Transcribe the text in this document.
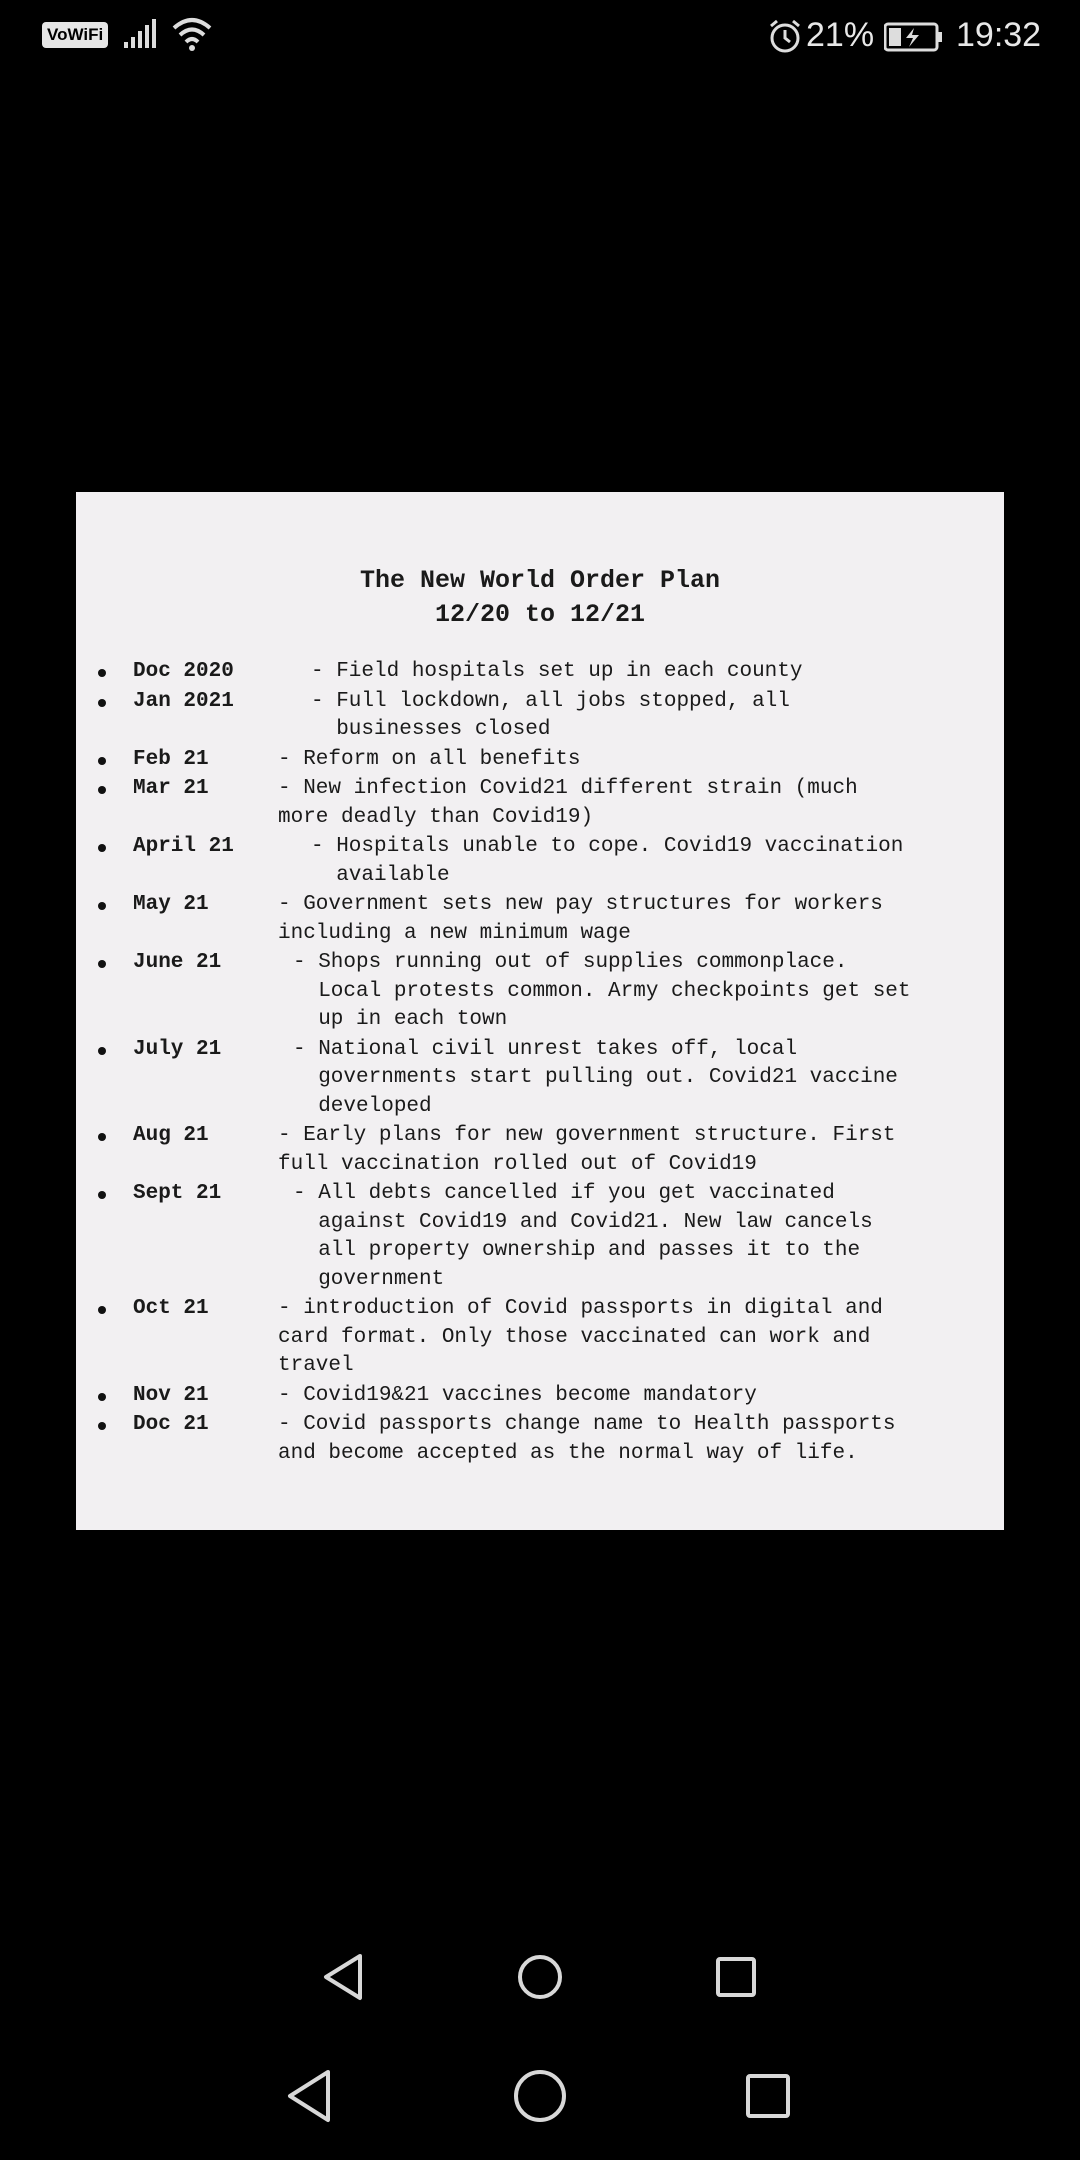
VoWiFi	21% 19:32
The New World Order Plan
12/20 to 12/21
Doc 2020	- Field hospitals set up in each county
Jan 2021	- Full lockdown, all jobs stopped, all
businesses closed
Feb 21	- Reform on all benefits
Mar 21	- New infection Covid21 different strain (much
more deadly than Covid19)
April 21	- Hospitals unable to cope. Covid19 vaccination
available
May 21	- Government sets new pay structures for workers
including a new minimum wage
June 21	- Shops running out of supplies commonplace.
Local protests common. Army checkpoints get set
up in each town
July 21	- National civil unrest takes off, local
governments start pulling out. Covid21 vaccine
developed
Aug 21	- Early plans for new government structure. First
full vaccination rolled out of Covid19
Sept 21	- All debts cancelled if you get vaccinated
against Covid19 and Covid21. New law cancels
all property ownership and passes it to the
government
Oct 21	- introduction of Covid passports in digital and
card format. Only those vaccinated can work and
travel
Nov 21	- Covid19&21 vaccines become mandatory
Doc 21	- Covid passports change name to Health passports
and become accepted as the normal way of life.
